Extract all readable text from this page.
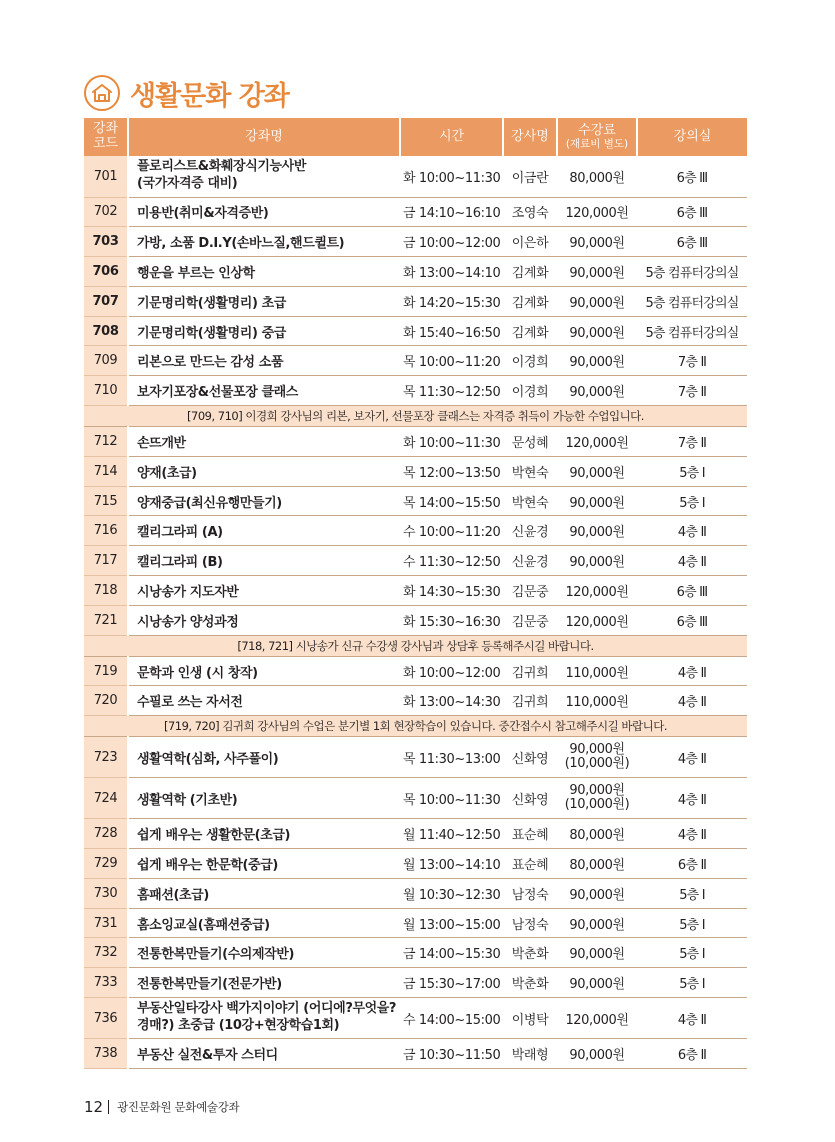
생활문화 강좌
강좌
코드	강좌명	시간	강사명	수강료
(재료비 별도)	강의실
701	플로리스트&화훼장식기능사반
(국가자격증 대비)	화 10:00~11:30	이금란	80,000원	6층 Ⅲ
702	미용반(취미&자격증반)	금 14:10~16:10	조영숙	120,000원	6층 Ⅲ
703	가방, 소품 D.I.Y(손바느질,핸드퀼트)	금 10:00~12:00	이은하	90,000원	6층 Ⅲ
706	행운을 부르는 인상학	화 13:00~14:10	김계화	90,000원	5층 컴퓨터강의실
707	기문명리학(생활명리) 초급	화 14:20~15:30	김계화	90,000원	5층 컴퓨터강의실
708	기문명리학(생활명리) 중급	화 15:40~16:50	김계화	90,000원	5층 컴퓨터강의실
709	리본으로 만드는 감성 소품	목 10:00~11:20	이경희	90,000원	7층 Ⅱ
710	보자기포장&선물포장 클래스	목 11:30~12:50	이경희	90,000원	7층 Ⅱ
[709, 710] 이경희 강사님의 리본, 보자기, 선물포장 클래스는 자격증 취득이 가능한 수업입니다.					
712	손뜨개반	화 10:00~11:30	문성혜	120,000원	7층 Ⅱ
714	양재(초급)	목 12:00~13:50	박현숙	90,000원	5층 Ⅰ
715	양재중급(최신유행만들기)	목 14:00~15:50	박현숙	90,000원	5층 Ⅰ
716	캘리그라피 (A)	수 10:00~11:20	신윤경	90,000원	4층 Ⅱ
717	캘리그라피 (B)	수 11:30~12:50	신윤경	90,000원	4층 Ⅱ
718	시낭송가 지도자반	화 14:30~15:30	김문중	120,000원	6층 Ⅲ
721	시낭송가 양성과정	화 15:30~16:30	김문중	120,000원	6층 Ⅲ
[718, 721] 시낭송가 신규 수강생 강사님과 상담후 등록해주시길 바랍니다.					
719	문학과 인생 (시 창작)	화 10:00~12:00	김귀희	110,000원	4층 Ⅱ
720	수필로 쓰는 자서전	화 13:00~14:30	김귀희	110,000원	4층 Ⅱ
[719, 720] 김귀희 강사님의 수업은 분기별 1회 현장학습이 있습니다. 중간접수시 참고해주시길 바랍니다.					
723	생활역학(심화, 사주풀이)	목 11:30~13:00	신화영	90,000원
(10,000원)	4층 Ⅱ
724	생활역학 (기초반)	목 10:00~11:30	신화영	90,000원
(10,000원)	4층 Ⅱ
728	쉽게 배우는 생활한문(초급)	월 11:40~12:50	표순혜	80,000원	4층 Ⅱ
729	쉽게 배우는 한문학(중급)	월 13:00~14:10	표순혜	80,000원	6층 Ⅱ
730	홈패션(초급)	월 10:30~12:30	남정숙	90,000원	5층 Ⅰ
731	홈소잉교실(홈패션중급)	월 13:00~15:00	남정숙	90,000원	5층 Ⅰ
732	전통한복만들기(수의제작반)	금 14:00~15:30	박춘화	90,000원	5층 Ⅰ
733	전통한복만들기(전문가반)	금 15:30~17:00	박춘화	90,000원	5층 Ⅰ
736	부동산일타강사 백가지이야기 (어디에?무엇을?
경매?) 초중급 (10강+현장학습1회)	수 14:00~15:00	이병탁	120,000원	4층 Ⅱ
738	부동산 실전&투자 스터디	금 10:30~11:50	박래형	90,000원	6층 Ⅱ
12 광진문화원 문화예술강좌
